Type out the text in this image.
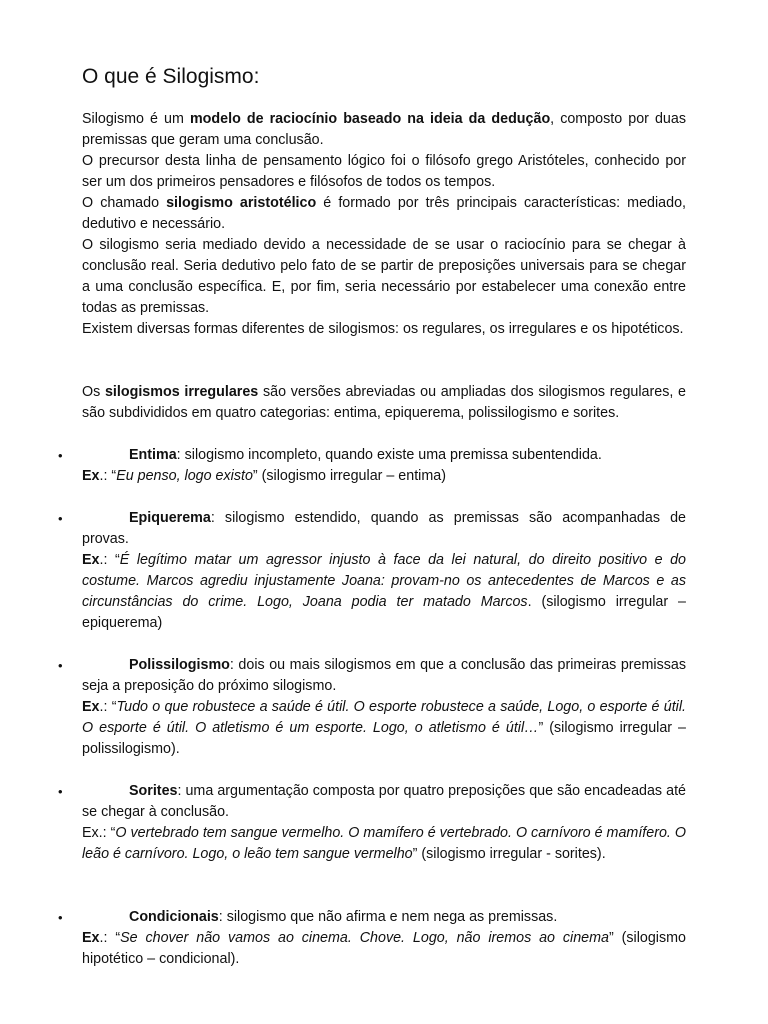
O que é Silogismo:
Silogismo é um modelo de raciocínio baseado na ideia da dedução, composto por duas premissas que geram uma conclusão.
O precursor desta linha de pensamento lógico foi o filósofo grego Aristóteles, conhecido por ser um dos primeiros pensadores e filósofos de todos os tempos.
O chamado silogismo aristotélico é formado por três principais características: mediado, dedutivo e necessário.
O silogismo seria mediado devido a necessidade de se usar o raciocínio para se chegar à conclusão real. Seria dedutivo pelo fato de se partir de preposições universais para se chegar a uma conclusão específica. E, por fim, seria necessário por estabelecer uma conexão entre todas as premissas.
Existem diversas formas diferentes de silogismos: os regulares, os irregulares e os hipotéticos.
Os silogismos irregulares são versões abreviadas ou ampliadas dos silogismos regulares, e são subdivididos em quatro categorias: entima, epiquerema, polissilogismo e sorites.
•	Entima: silogismo incompleto, quando existe uma premissa subentendida.
Ex.: “Eu penso, logo existo” (silogismo irregular – entima)
•	Epiquerema: silogismo estendido, quando as premissas são acompanhadas de provas.
Ex.: “É legítimo matar um agressor injusto à face da lei natural, do direito positivo e do costume. Marcos agrediu injustamente Joana: provam-no os antecedentes de Marcos e as circunstâncias do crime. Logo, Joana podia ter matado Marcos. (silogismo irregular – epiquerema)
•	Polissilogismo: dois ou mais silogismos em que a conclusão das primeiras premissas seja a preposição do próximo silogismo.
Ex.: “Tudo o que robustece a saúde é útil. O esporte robustece a saúde, Logo, o esporte é útil. O esporte é útil. O atletismo é um esporte. Logo, o atletismo é útil…” (silogismo irregular – polissilogismo).
•	Sorites: uma argumentação composta por quatro preposições que são encadeadas até se chegar à conclusão.
Ex.: “O vertebrado tem sangue vermelho. O mamífero é vertebrado. O carnívoro é mamífero. O leão é carnívoro. Logo, o leão tem sangue vermelho” (silogismo irregular - sorites).
•	Condicionais: silogismo que não afirma e nem nega as premissas.
Ex.: “Se chover não vamos ao cinema. Chove. Logo, não iremos ao cinema” (silogismo hipotético – condicional).
